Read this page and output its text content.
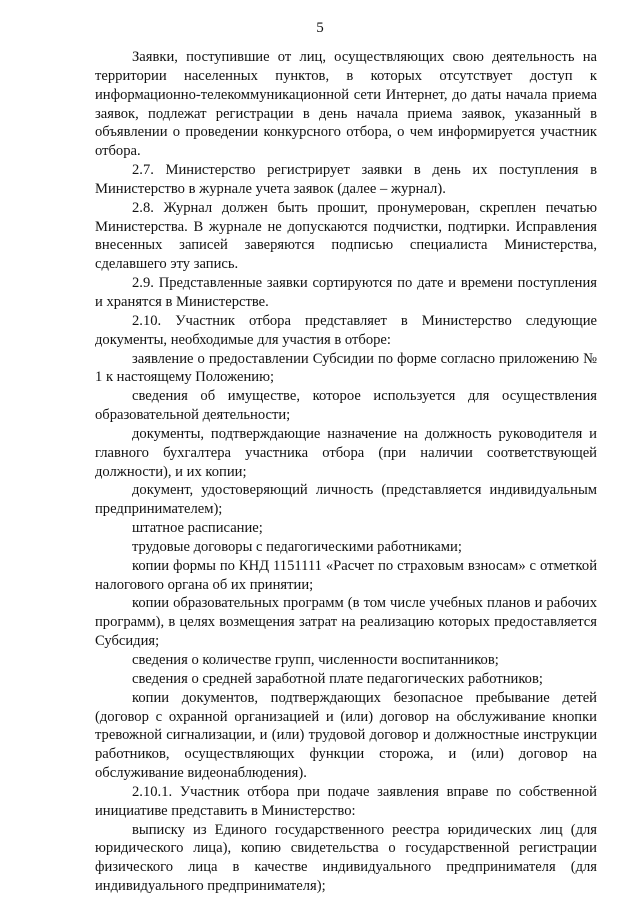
5

Заявки, поступившие от лиц, осуществляющих свою деятельность на территории населенных пунктов, в которых отсутствует доступ к информационно-телекоммуникационной сети Интернет, до даты начала приема заявок, подлежат регистрации в день начала приема заявок, указанный в объявлении о проведении конкурсного отбора, о чем информируется участник отбора.

2.7. Министерство регистрирует заявки в день их поступления в Министерство в журнале учета заявок (далее – журнал).

2.8. Журнал должен быть прошит, пронумерован, скреплен печатью Министерства. В журнале не допускаются подчистки, подтирки. Исправления внесенных записей заверяются подписью специалиста Министерства, сделавшего эту запись.

2.9. Представленные заявки сортируются по дате и времени поступления и хранятся в Министерстве.

2.10. Участник отбора представляет в Министерство следующие документы, необходимые для участия в отборе:

заявление о предоставлении Субсидии по форме согласно приложению № 1 к настоящему Положению;

сведения об имуществе, которое используется для осуществления образовательной деятельности;

документы, подтверждающие назначение на должность руководителя и главного бухгалтера участника отбора (при наличии соответствующей должности), и их копии;

документ, удостоверяющий личность (представляется индивидуальным предпринимателем);

штатное расписание;

трудовые договоры с педагогическими работниками;

копии формы по КНД 1151111 «Расчет по страховым взносам» с отметкой налогового органа об их принятии;

копии образовательных программ (в том числе учебных планов и рабочих программ), в целях возмещения затрат на реализацию которых предоставляется Субсидия;

сведения о количестве групп, численности воспитанников;

сведения о средней заработной плате педагогических работников;

копии документов, подтверждающих безопасное пребывание детей (договор с охранной организацией и (или) договор на обслуживание кнопки тревожной сигнализации, и (или) трудовой договор и должностные инструкции работников, осуществляющих функции сторожа, и (или) договор на обслуживание видеонаблюдения).

2.10.1. Участник отбора при подаче заявления вправе по собственной инициативе представить в Министерство:

выписку из Единого государственного реестра юридических лиц (для юридического лица), копию свидетельства о государственной регистрации физического лица в качестве индивидуального предпринимателя (для индивидуального предпринимателя);
